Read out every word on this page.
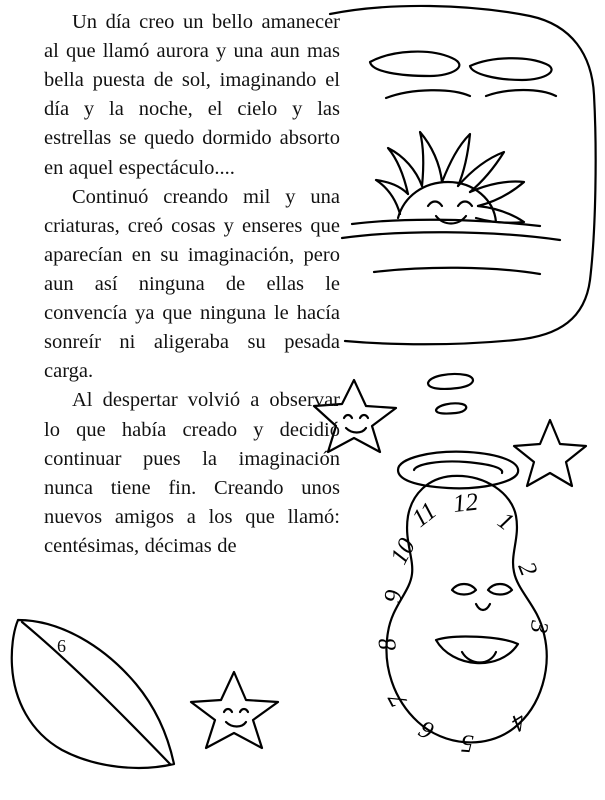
12
11
10
9
8
7
6 5
4
3
2
1

Un día creo un bello amanecer al que llamó aurora y una aun mas bella puesta de sol, imaginando el día y la noche, el cielo y las estrellas se quedo dormido absorto en aquel espectáculo....

Continuó creando mil y una criaturas, creó cosas y enseres que aparecían en su imaginación, pero aun así ninguna de ellas le convencía ya que ninguna le hacía sonreír ni aligeraba su pesada carga.

Al despertar volvió a observar lo que había creado y decidió continuar pues la imaginación nunca tiene fin. Creando unos nuevos amigos a los que llamó: centésimas, décimas de

6
